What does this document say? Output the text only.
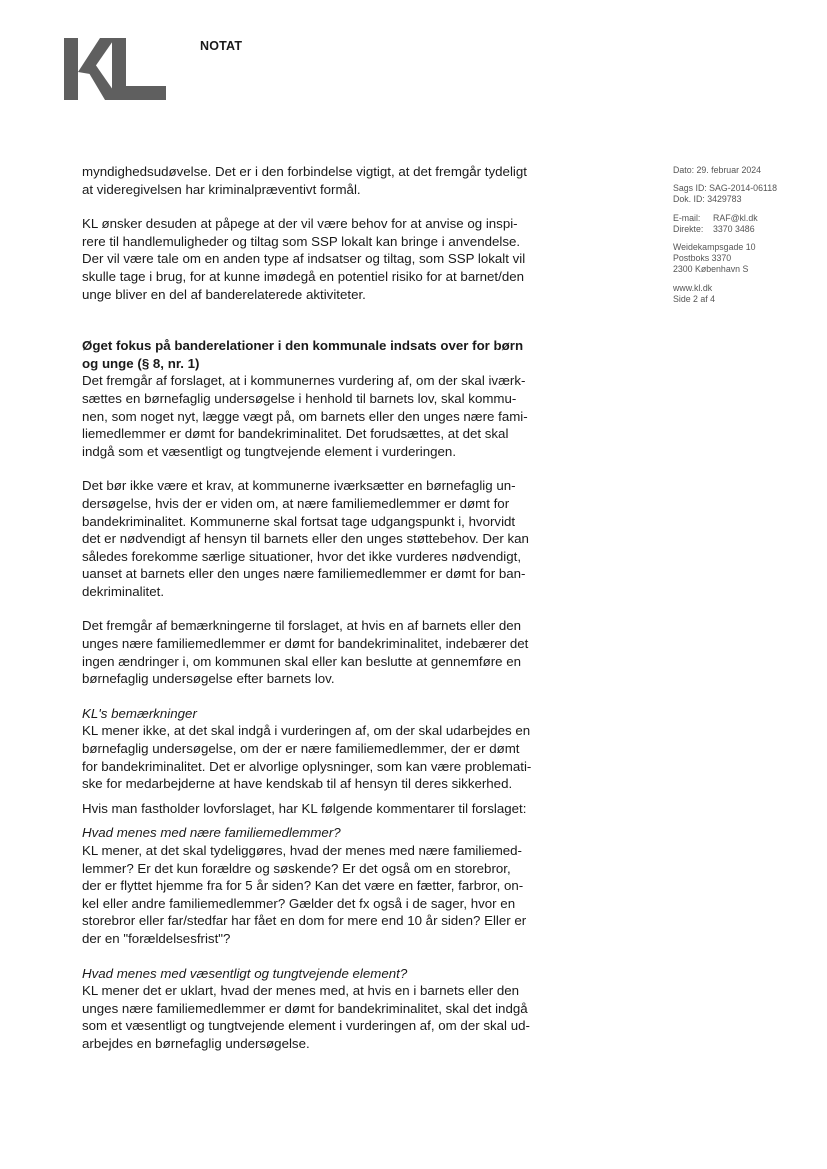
NOTAT
Dato: 29. februar 2024
Sags ID: SAG-2014-06118
Dok. ID: 3429783
E-mail: RAF@kl.dk
Direkte: 3370 3486
Weidekampsgade 10
Postboks 3370
2300 København S
www.kl.dk
Side 2 af 4

myndighedsudøvelse. Det er i den forbindelse vigtigt, at det fremgår tydeligt
at videregivelsen har kriminalpræventivt formål.

KL ønsker desuden at påpege at der vil være behov for at anvise og inspi-
rere til handlemuligheder og tiltag som SSP lokalt kan bringe i anvendelse.
Der vil være tale om en anden type af indsatser og tiltag, som SSP lokalt vil
skulle tage i brug, for at kunne imødegå en potentiel risiko for at barnet/den
unge bliver en del af banderelaterede aktiviteter.

Øget fokus på banderelationer i den kommunale indsats over for børn
og unge (§ 8, nr. 1)

Det fremgår af forslaget, at i kommunernes vurdering af, om der skal iværk-
sættes en børnefaglig undersøgelse i henhold til barnets lov, skal kommu-
nen, som noget nyt, lægge vægt på, om barnets eller den unges nære fami-
liemedlemmer er dømt for bandekriminalitet. Det forudsættes, at det skal
indgå som et væsentligt og tungtvejende element i vurderingen.

Det bør ikke være et krav, at kommunerne iværksætter en børnefaglig un-
dersøgelse, hvis der er viden om, at nære familiemedlemmer er dømt for
bandekriminalitet. Kommunerne skal fortsat tage udgangspunkt i, hvorvidt
det er nødvendigt af hensyn til barnets eller den unges støttebehov. Der kan
således forekomme særlige situationer, hvor det ikke vurderes nødvendigt,
uanset at barnets eller den unges nære familiemedlemmer er dømt for ban-
dekriminalitet.

Det fremgår af bemærkningerne til forslaget, at hvis en af barnets eller den
unges nære familiemedlemmer er dømt for bandekriminalitet, indebærer det
ingen ændringer i, om kommunen skal eller kan beslutte at gennemføre en
børnefaglig undersøgelse efter barnets lov.

KL's bemærkninger

KL mener ikke, at det skal indgå i vurderingen af, om der skal udarbejdes en
børnefaglig undersøgelse, om der er nære familiemedlemmer, der er dømt
for bandekriminalitet. Det er alvorlige oplysninger, som kan være problemati-
ske for medarbejderne at have kendskab til af hensyn til deres sikkerhed.

Hvis man fastholder lovforslaget, har KL følgende kommentarer til forslaget:

Hvad menes med nære familiemedlemmer?

KL mener, at det skal tydeliggøres, hvad der menes med nære familiemed-
lemmer? Er det kun forældre og søskende? Er det også om en storebror,
der er flyttet hjemme fra for 5 år siden? Kan det være en fætter, farbror, on-
kel eller andre familiemedlemmer? Gælder det fx også i de sager, hvor en
storebror eller far/stedfar har fået en dom for mere end 10 år siden? Eller er
der en "forældelsesfrist"?

Hvad menes med væsentligt og tungtvejende element?

KL mener det er uklart, hvad der menes med, at hvis en i barnets eller den
unges nære familiemedlemmer er dømt for bandekriminalitet, skal det indgå
som et væsentligt og tungtvejende element i vurderingen af, om der skal ud-
arbejdes en børnefaglig undersøgelse.
